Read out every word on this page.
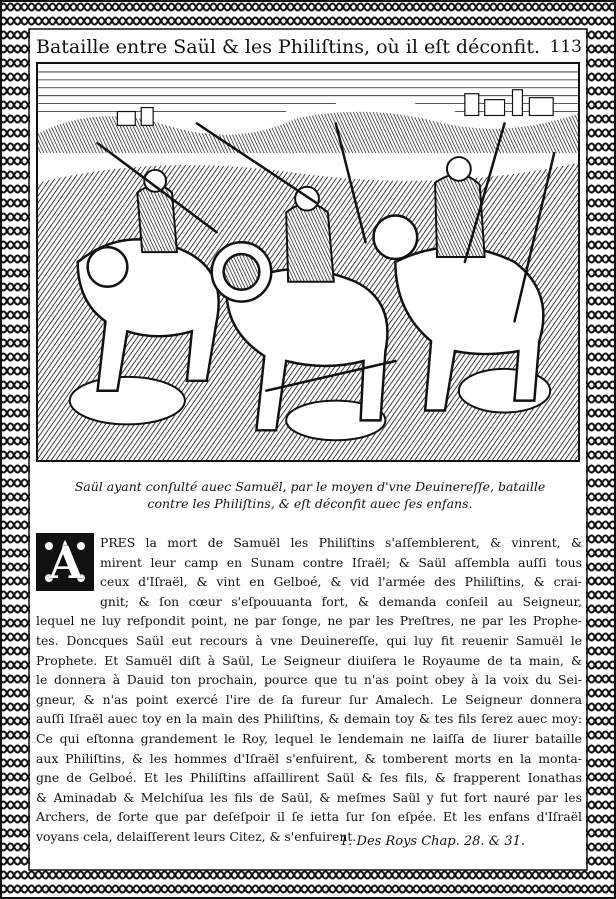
Bataille entre Saül & les Philiſtins, où il eſt déconfit. 113
Saül ayant conſulté auec Samuël, par le moyen d'vne Deuinereſſe, bataille
contre les Philiſtins, & eſt déconfit auec ſes enfans.
A	PRES la mort de Samuël les Philiſtins s'aſſemblerent, & vinrent, &
mirent leur camp en Sunam contre Iſraël; & Saül aſſembla auſſi tous
ceux d'Iſraël, & vint en Gelboé, & vid l'armée des Philiſtins, & crai-
gnit; & ſon cœur s'eſpouuanta fort, & demanda conſeil au Seigneur,
lequel ne luy reſpondit point, ne par ſonge, ne par les Preſtres, ne par les Prophe-
tes. Doncques Saül eut recours à vne Deuinereſſe, qui luy fit reuenir Samuël le
Prophete. Et Samuël diſt à Saül, Le Seigneur diuiſera le Royaume de ta main, &
le donnera à Dauid ton prochain, pource que tu n'as point obey à la voix du Sei-
gneur, & n'as point exercé l'ire de ſa fureur ſur Amalech. Le Seigneur donnera
auſſi Iſraël auec toy en la main des Philiſtins, & demain toy & tes fils ſerez auec moy:
Ce qui eſtonna grandement le Roy, lequel le lendemain ne laiſſa de liurer bataille
aux Philiſtins, & les hommes d'Iſraël s'enfuirent, & tomberent morts en la monta-
gne de Gelboé. Et les Philiſtins aſſaillirent Saül & ſes fils, & frapperent Ionathas
& Aminadab & Melchiſua les fils de Saül, & meſmes Saül y fut fort nauré par les
Archers, de ſorte que par deſeſpoir il ſe ietta ſur ſon eſpée. Et les enfans d'Iſraël
voyans cela, delaiſſerent leurs Citez, & s'enfuirent.
1. Des Roys Chap. 28. & 31.
